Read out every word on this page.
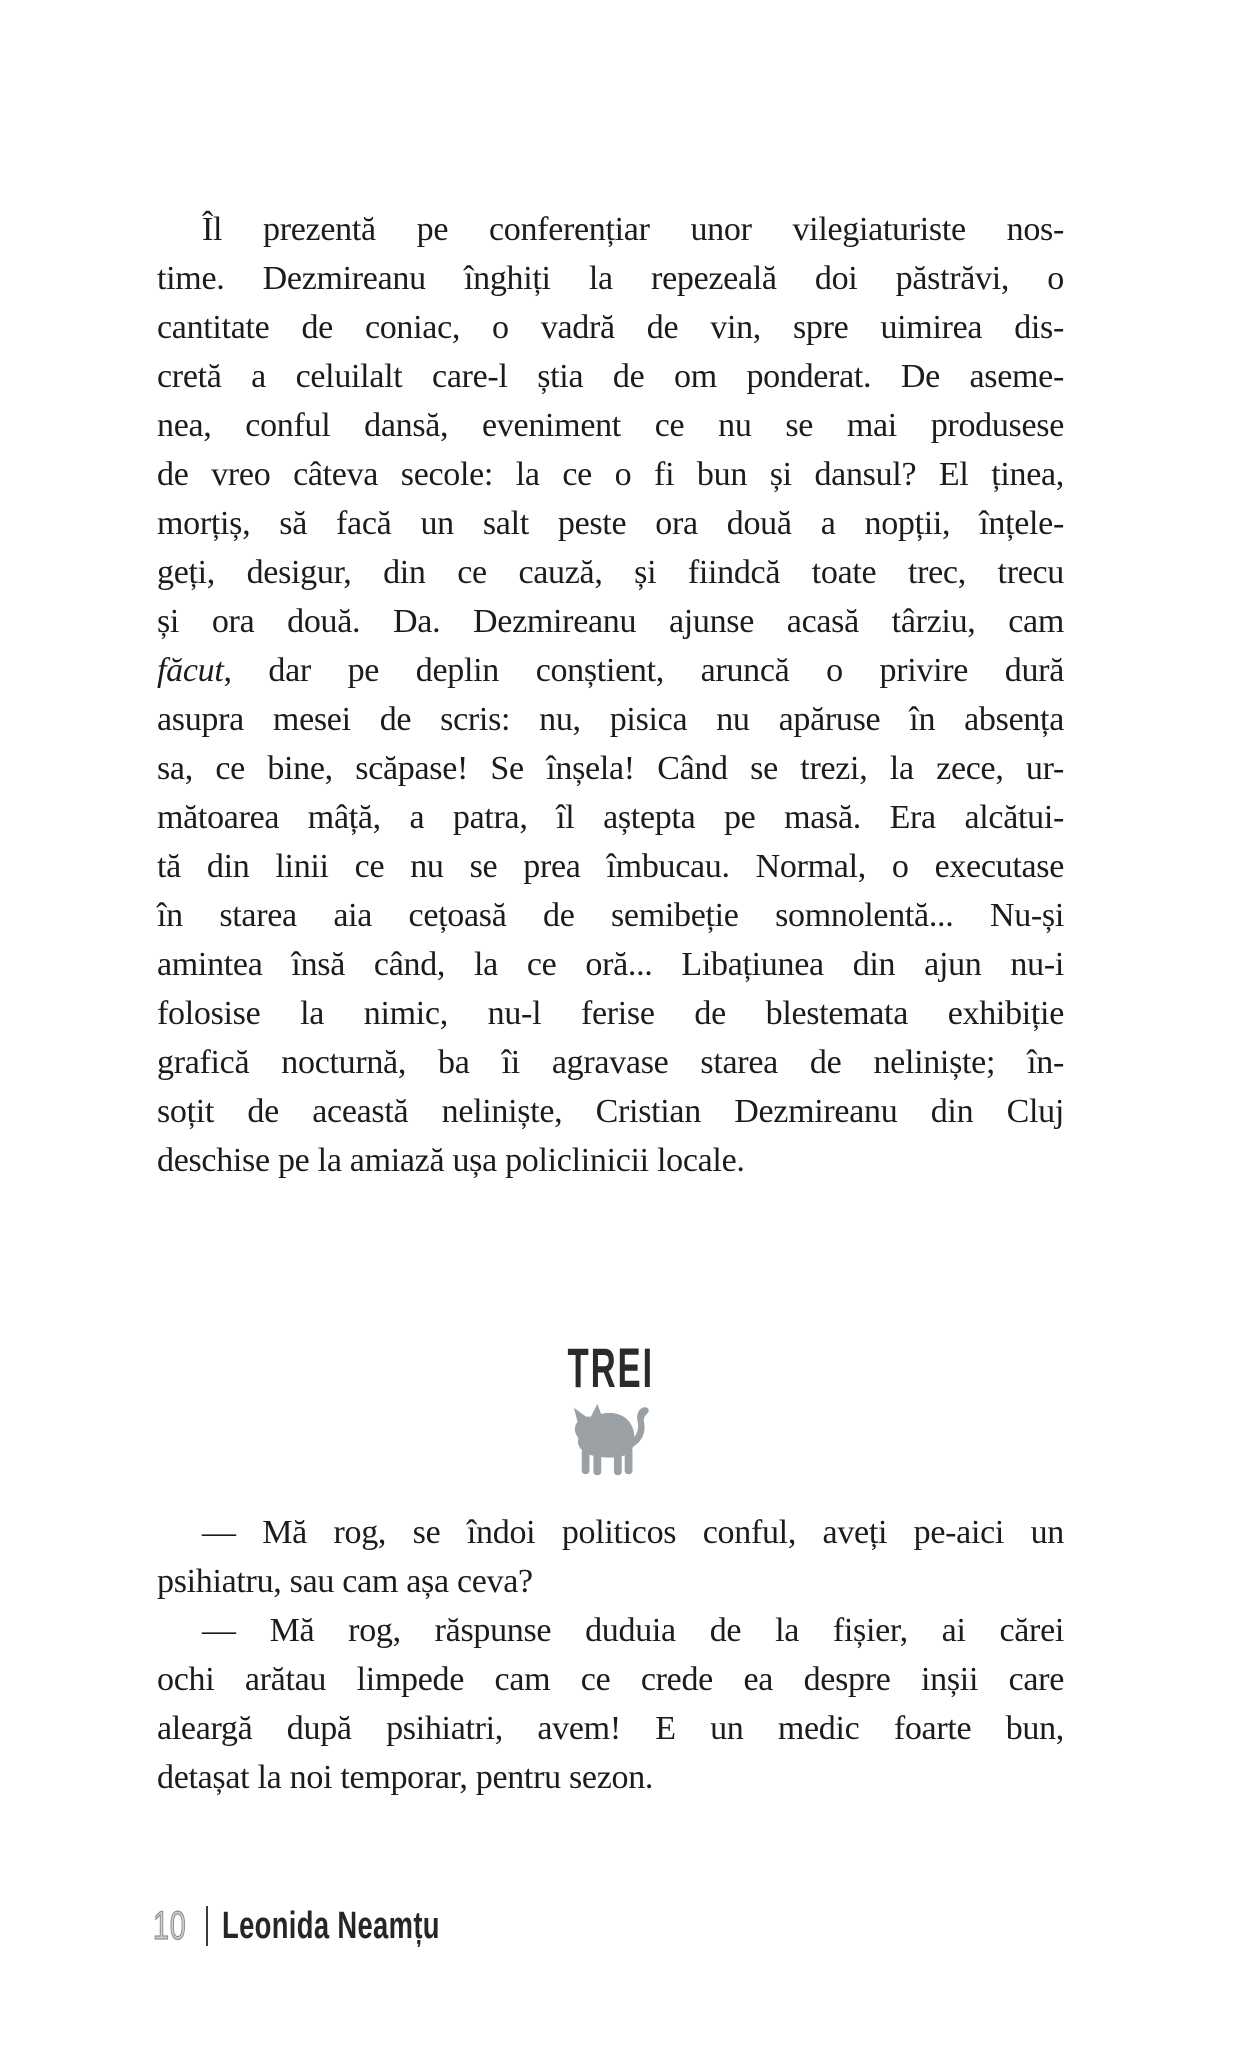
Îl prezentă pe conferențiar unor vilegiaturiste nos-
time. Dezmireanu înghiți la repezeală doi păstrăvi, o
cantitate de coniac, o vadră de vin, spre uimirea dis-
cretă a celuilalt care-l știa de om ponderat. De aseme-
nea, conful dansă, eveniment ce nu se mai produsese
de vreo câteva secole: la ce o fi bun și dansul? El ținea,
morțiș, să facă un salt peste ora două a nopții, înțele-
geți, desigur, din ce cauză, și fiindcă toate trec, trecu
și ora două. Da. Dezmireanu ajunse acasă târziu, cam
făcut, dar pe deplin conștient, aruncă o privire dură
asupra mesei de scris: nu, pisica nu apăruse în absența
sa, ce bine, scăpase! Se înșela! Când se trezi, la zece, ur-
mătoarea mâță, a patra, îl aștepta pe masă. Era alcătui-
tă din linii ce nu se prea îmbucau. Normal, o executase
în starea aia cețoasă de semibeție somnolentă... Nu-și
amintea însă când, la ce oră... Libațiunea din ajun nu-i
folosise la nimic, nu-l ferise de blestemata exhibiție
grafică nocturnă, ba îi agravase starea de neliniște; în-
soțit de această neliniște, Cristian Dezmireanu din Cluj
deschise pe la amiază ușa policlinicii locale.
TREI
— Mă rog, se îndoi politicos conful, aveți pe-aici un
psihiatru, sau cam așa ceva?
— Mă rog, răspunse duduia de la fișier, ai cărei
ochi arătau limpede cam ce crede ea despre inșii care
aleargă după psihiatri, avem! E un medic foarte bun,
detașat la noi temporar, pentru sezon.
10 Leonida Neamțu
